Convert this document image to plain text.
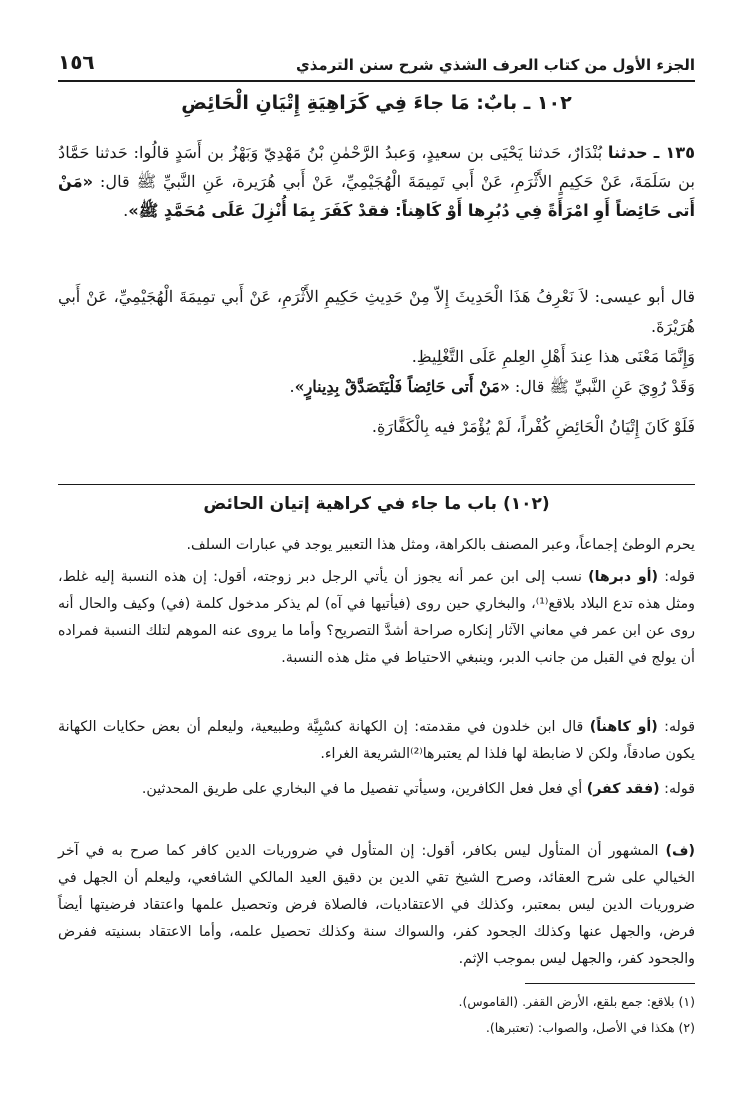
١٥٦	الجزء الأول من كتاب العرف الشذي شرح سنن الترمذي
١٠٢ ـ بابٌ: مَا جاءَ فِي كَرَاهِيَةِ إِتْيَانِ الْحَائِضِ
١٣٥ ـ حدثنا بُنْدَارٌ، حَدثنا يَحْيَى بن سعيدٍ، وَعبدُ الرَّحْمٰنِ بْنُ مَهْدِيّ وَبَهْزُ بن أَسَدٍ قالُوا: حَدثنا حَمَّادُ بن سَلَمَةَ، عَنْ حَكِيمٍ الأَثْرَمِ، عَنْ أَبي تَمِيمَةَ الْهُجَيْمِيِّ، عَنْ أَبي هُرَيرة، عَنِ النَّبيِّ ﷺ قال: «مَنْ أَتى حَائِضاً أَوِ امْرَأَةً فِي دُبُرِها أَوْ كَاهِناً: فقدْ كَفَرَ بِمَا أُنْزِلَ عَلَى مُحَمَّدٍ ﷺ».
قال أبو عيسى: لاَ نَعْرِفُ هَذَا الْحَدِيثَ إِلاّ مِنْ حَدِيثِ حَكِيمِ الأَثْرَمِ، عَنْ أَبي تمِيمَةَ الْهُجَيْمِيِّ، عَنْ أَبي هُرَيْرَةَ.
وَإِنَّمَا مَعْنَى هذا عِندَ أَهْلِ العِلمِ عَلَى التَّغْلِيظِ.
وَقَدْ رُوِيَ عَنِ النَّبيِّ ﷺ قال: «مَنْ أَتى حَائِضاً فَلْيَتَصَدَّقْ بِدِينارٍ».
فَلَوْ كَانَ إِتْيَانُ الْحَائِضِ كُفْراً، لَمْ يُؤْمَرْ فيه بِالْكَفَّارَةِ.
(١٠٢) باب ما جاء في كراهية إتيان الحائض
يحرم الوطئ إجماعاً، وعبر المصنف بالكراهة، ومثل هذا التعبير يوجد في عبارات السلف.
قوله: (أو دبرها) نسب إلى ابن عمر أنه يجوز أن يأتي الرجل دبر زوجته، أقول: إن هذه النسبة إليه غلط، ومثل هذه تدع البلاد بلاقع⁽¹⁾، والبخاري حين روى (فيأتيها في آه) لم يذكر مدخول كلمة (في) وكيف والحال أنه روى عن ابن عمر في معاني الآثار إنكاره صراحة أشدَّ التصريح؟ وأما ما يروى عنه الموهم لتلك النسبة فمراده أن يولج في القبل من جانب الدبر، وينبغي الاحتياط في مثل هذه النسبة.
قوله: (أو كاهناً) قال ابن خلدون في مقدمته: إن الكهانة كسْبِيَّة وطبيعية، وليعلم أن بعض حكايات الكهانة يكون صادقاً، ولكن لا ضابطة لها فلذا لم يعتبرها⁽²⁾الشريعة الغراء.
قوله: (فقد كفر) أي فعل فعل الكافرين، وسيأتي تفصيل ما في البخاري على طريق المحدثين.
(ف) المشهور أن المتأول ليس بكافر، أقول: إن المتأول في ضروريات الدين كافر كما صرح به في آخر الخيالي على شرح العقائد، وصرح الشيخ تقي الدين بن دقيق العيد المالكي الشافعي، وليعلم أن الجهل في ضروريات الدين ليس بمعتبر، وكذلك في الاعتقاديات، فالصلاة فرض وتحصيل علمها واعتقاد فرضيتها أيضاً فرض، والجهل عنها وكذلك الجحود كفر، والسواك سنة وكذلك تحصيل علمه، وأما الاعتقاد بسنيته ففرض والجحود كفر، والجهل ليس بموجب الإثم.
(١) بلاقع: جمع بلقع، الأرض القفر. (القاموس).
(٢) هكذا في الأصل، والصواب: (تعتبرها).
